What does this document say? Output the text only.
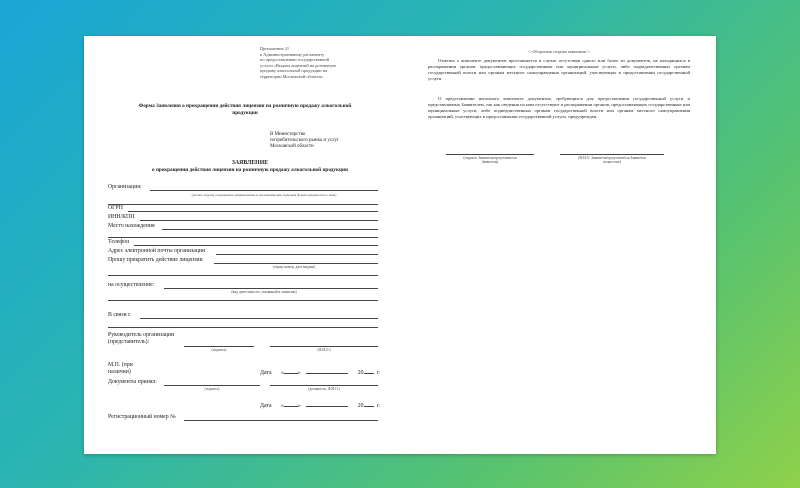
Приложение 21
к Административному регламенту
по предоставлению государственной
услуги «Выдача лицензий на розничную
продажу алкогольной продукции на
территории Московской области»
Форма Заявления о прекращении действия лицензии на розничную продажу алкогольной
продукции
В Министерство
потребительского рынка и услуг
Московской области
ЗАЯВЛЕНИЕ
о прекращении действия лицензии на розничную продажу алкогольной продукции
Организация:
(полное и (или) сокращенное наименование и организационно-правовая форма юридического лица)
ОГРН
ИНН/КПП
Место нахождения
Телефон
Адрес электронной почты организации
Прошу прекратить действие лицензии
(серия, номер, дата выдачи)
на осуществление:
(вид деятельности, указанный в лицензии)
В связи с
Руководитель организации
(представитель):
(подпись)	(Ф.И.О.)
М.П. (при
наличии)	Дата « »	20 г.
Документы принял:
(подпись)	(должность, Ф.И.О.)
Дата « »	20 г.
Регистрационный номер №
<<Оборотная сторона заявления>>
Отметка о комплекте документов проставляется в случае отсутствия одного или более из документов, не находящихся в распоряжении органов, предоставляющих государственные или муниципальные услуги, либо подведомственных органам государственной власти или органам местного самоуправления организаций, участвующих в предоставлении государственной услуги.
О представлении неполного комплекта документов, требующихся для предоставления государственной услуги и представляемых Заявителем, так как сведения по ним отсутствуют в распоряжении органов, предоставляющих государственные или муниципальные услуги, либо подведомственных органам государственной власти или органам местного самоуправления организаций, участвующих в предоставлении государственной услуги, предупрежден.
(подпись Заявителя/представителя
Заявителя)
(Ф.И.О. Заявителя/представителя Заявителя
полностью)
